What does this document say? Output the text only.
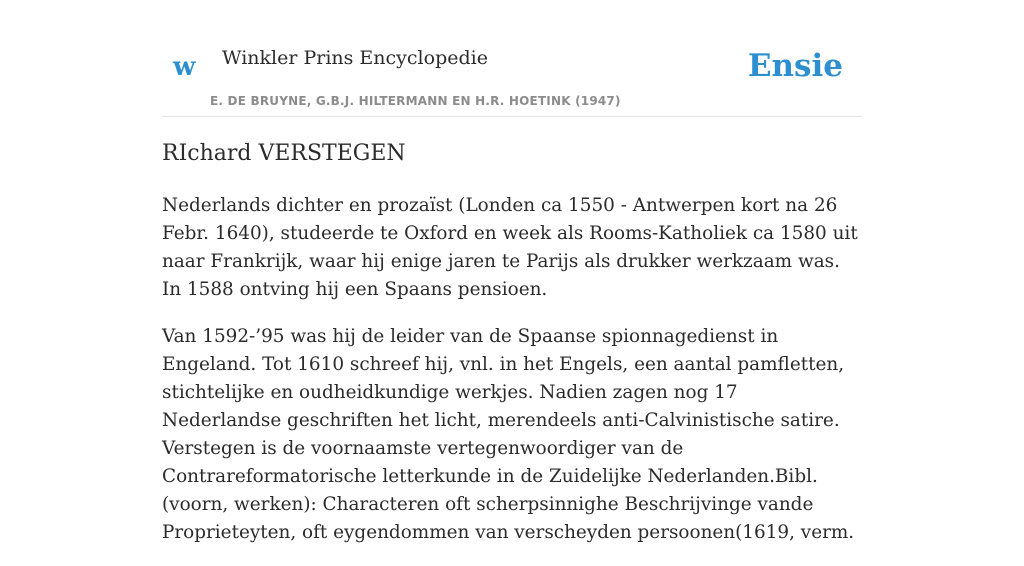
w Winkler Prins Encyclopedie
E. DE BRUYNE, G.B.J. HILTERMANN EN H.R. HOETINK (1947)
Ensie
RIchard VERSTEGEN

Nederlands dichter en prozaïst (Londen ca 1550 - Antwerpen kort na 26 Febr. 1640), studeerde te Oxford en week als Rooms-Katholiek ca 1580 uit naar Frankrijk, waar hij enige jaren te Parijs als drukker werkzaam was. In 1588 ontving hij een Spaans pensioen.

Van 1592-’95 was hij de leider van de Spaanse spionnagedienst in Engeland. Tot 1610 schreef hij, vnl. in het Engels, een aantal pamfletten, stichtelijke en oudheidkundige werkjes. Nadien zagen nog 17 Nederlandse geschriften het licht, merendeels anti-Calvinistische satire. Verstegen is de voornaamste vertegenwoordiger van de Contrareformatorische letterkunde in de Zuidelijke Nederlanden.Bibl. (voorn, werken): Characteren oft scherpsinnighe Beschrijvinge vande Proprieteyten, oft eygendommen van verscheyden persoonen(1619, verm.
